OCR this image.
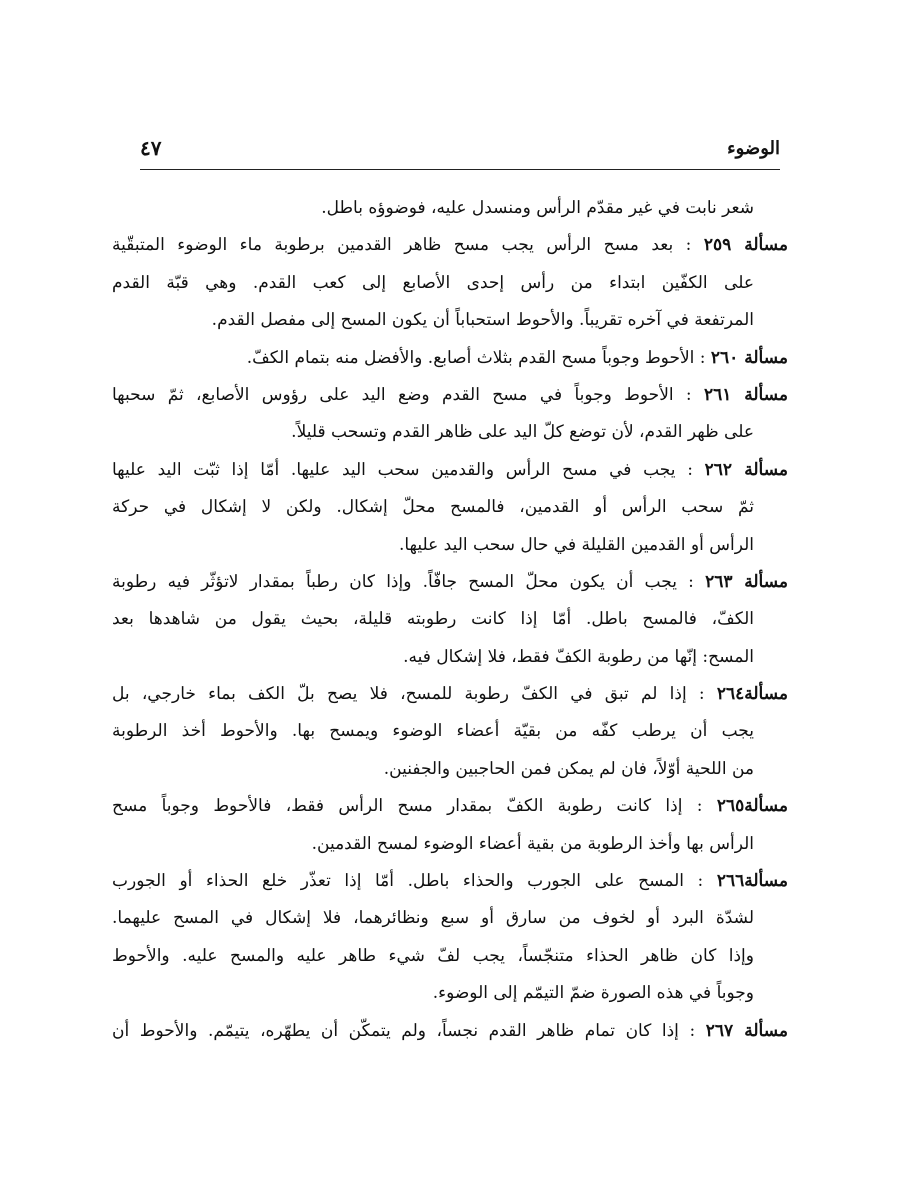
الوضوء
٤٧
شعر نابت في غير مقدّم الرأس ومنسدل عليه، فوضوؤه باطل.
مسألة ٢٥٩ : بعد مسح الرأس يجب مسح ظاهر القدمين برطوبة ماء الوضوء المتبقّية
على الكفّين ابتداء من رأس إحدى الأصابع إلى كعب القدم. وهي قبّة القدم
المرتفعة في آخره تقريباً. والأحوط استحباباً أن يكون المسح إلى مفصل القدم.
مسألة ٢٦٠ : الأحوط وجوباً مسح القدم بثلاث أصابع. والأفضل منه بتمام الكفّ.
مسألة ٢٦١ : الأحوط وجوباً في مسح القدم وضع اليد على رؤوس الأصابع، ثمّ سحبها
على ظهر القدم، لأن توضع كلّ اليد على ظاهر القدم وتسحب قليلاً.
مسألة ٢٦٢ : يجب في مسح الرأس والقدمين سحب اليد عليها. أمّا إذا ثبّت اليد عليها
ثمّ سحب الرأس أو القدمين، فالمسح محلّ إشكال. ولكن لا إشكال في حركة
الرأس أو القدمين القليلة في حال سحب اليد عليها.
مسألة ٢٦٣ : يجب أن يكون محلّ المسح جافّاً. وإذا كان رطباً بمقدار لاتؤثّر فيه رطوبة
الكفّ، فالمسح باطل. أمّا إذا كانت رطوبته قليلة، بحيث يقول من شاهدها بعد
المسح: إنّها من رطوبة الكفّ فقط، فلا إشكال فيه.
مسألة٢٦٤ : إذا لم تبق في الكفّ رطوبة للمسح، فلا يصح بلّ الكف بماء خارجي، بل
يجب أن يرطب كفّه من بقيّة أعضاء الوضوء ويمسح بها. والأحوط أخذ الرطوبة
من اللحية أوّلاً، فان لم يمكن فمن الحاجبين والجفنين.
مسألة٢٦٥ : إذا كانت رطوبة الكفّ بمقدار مسح الرأس فقط، فالأحوط وجوباً مسح
الرأس بها وأخذ الرطوبة من بقية أعضاء الوضوء لمسح القدمين.
مسألة٢٦٦ : المسح على الجورب والحذاء باطل. أمّا إذا تعذّر خلع الحذاء أو الجورب
لشدّة البرد أو لخوف من سارق أو سبع ونظائرهما، فلا إشكال في المسح عليهما.
وإذا كان ظاهر الحذاء متنجّساً، يجب لفّ شيء طاهر عليه والمسح عليه. والأحوط
وجوباً في هذه الصورة ضمّ التيمّم إلى الوضوء.
مسألة ٢٦٧ : إذا كان تمام ظاهر القدم نجساً، ولم يتمكّن أن يطهّره، يتيمّم. والأحوط أن
